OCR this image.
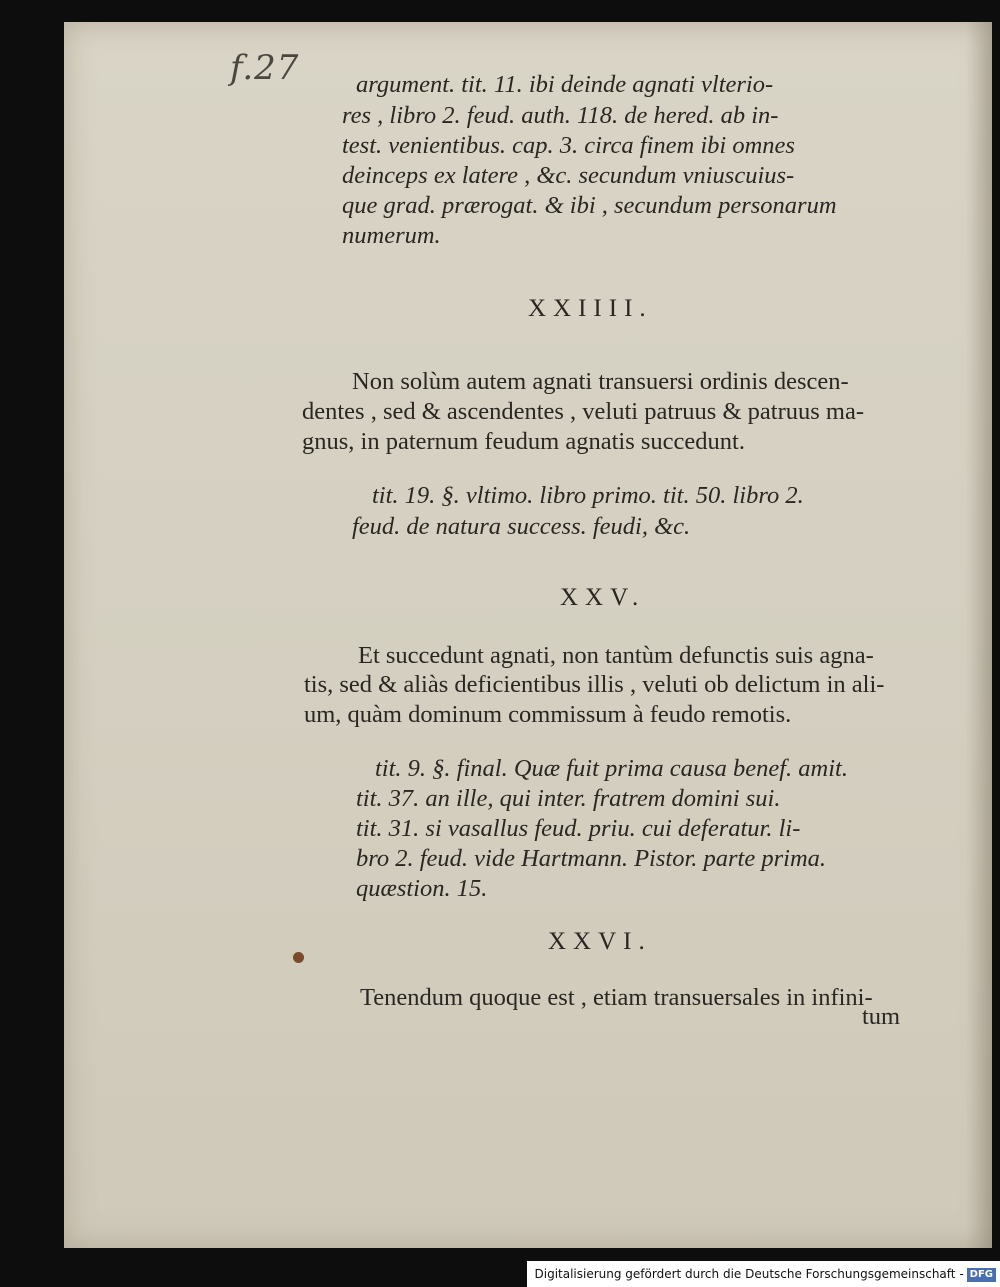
f.27 argument. tit. 11. ibi deinde agnati vlterio-
res , libro 2. feud. auth. 118. de hered. ab in-
test. venientibus. cap. 3. circa finem ibi omnes
deinceps ex latere , &c. secundum vniuscuius-
que grad. prærogat. & ibi , secundum personarum
numerum.
XXIIII.
Non solùm autem agnati transuersi ordinis descen-
dentes , sed & ascendentes , veluti patruus & patruus ma-
gnus, in paternum feudum agnatis succedunt.
tit. 19. §. vltimo. libro primo. tit. 50. libro 2.
feud. de natura success. feudi, &c.
XXV.
Et succedunt agnati, non tantùm defunctis suis agna-
tis, sed & aliàs deficientibus illis , veluti ob delictum in ali-
um, quàm dominum commissum à feudo remotis.
tit. 9. §. final. Quæ fuit prima causa benef. amit.
tit. 37. an ille, qui inter. fratrem domini sui.
tit. 31. si vasallus feud. priu. cui deferatur. li-
bro 2. feud. vide Hartmann. Pistor. parte prima.
quæstion. 15.
XXVI.
Tenendum quoque est , etiam transuersales in infini-
tum
Digitalisierung gefördert durch die Deutsche Forschungsgemeinschaft - DFG
